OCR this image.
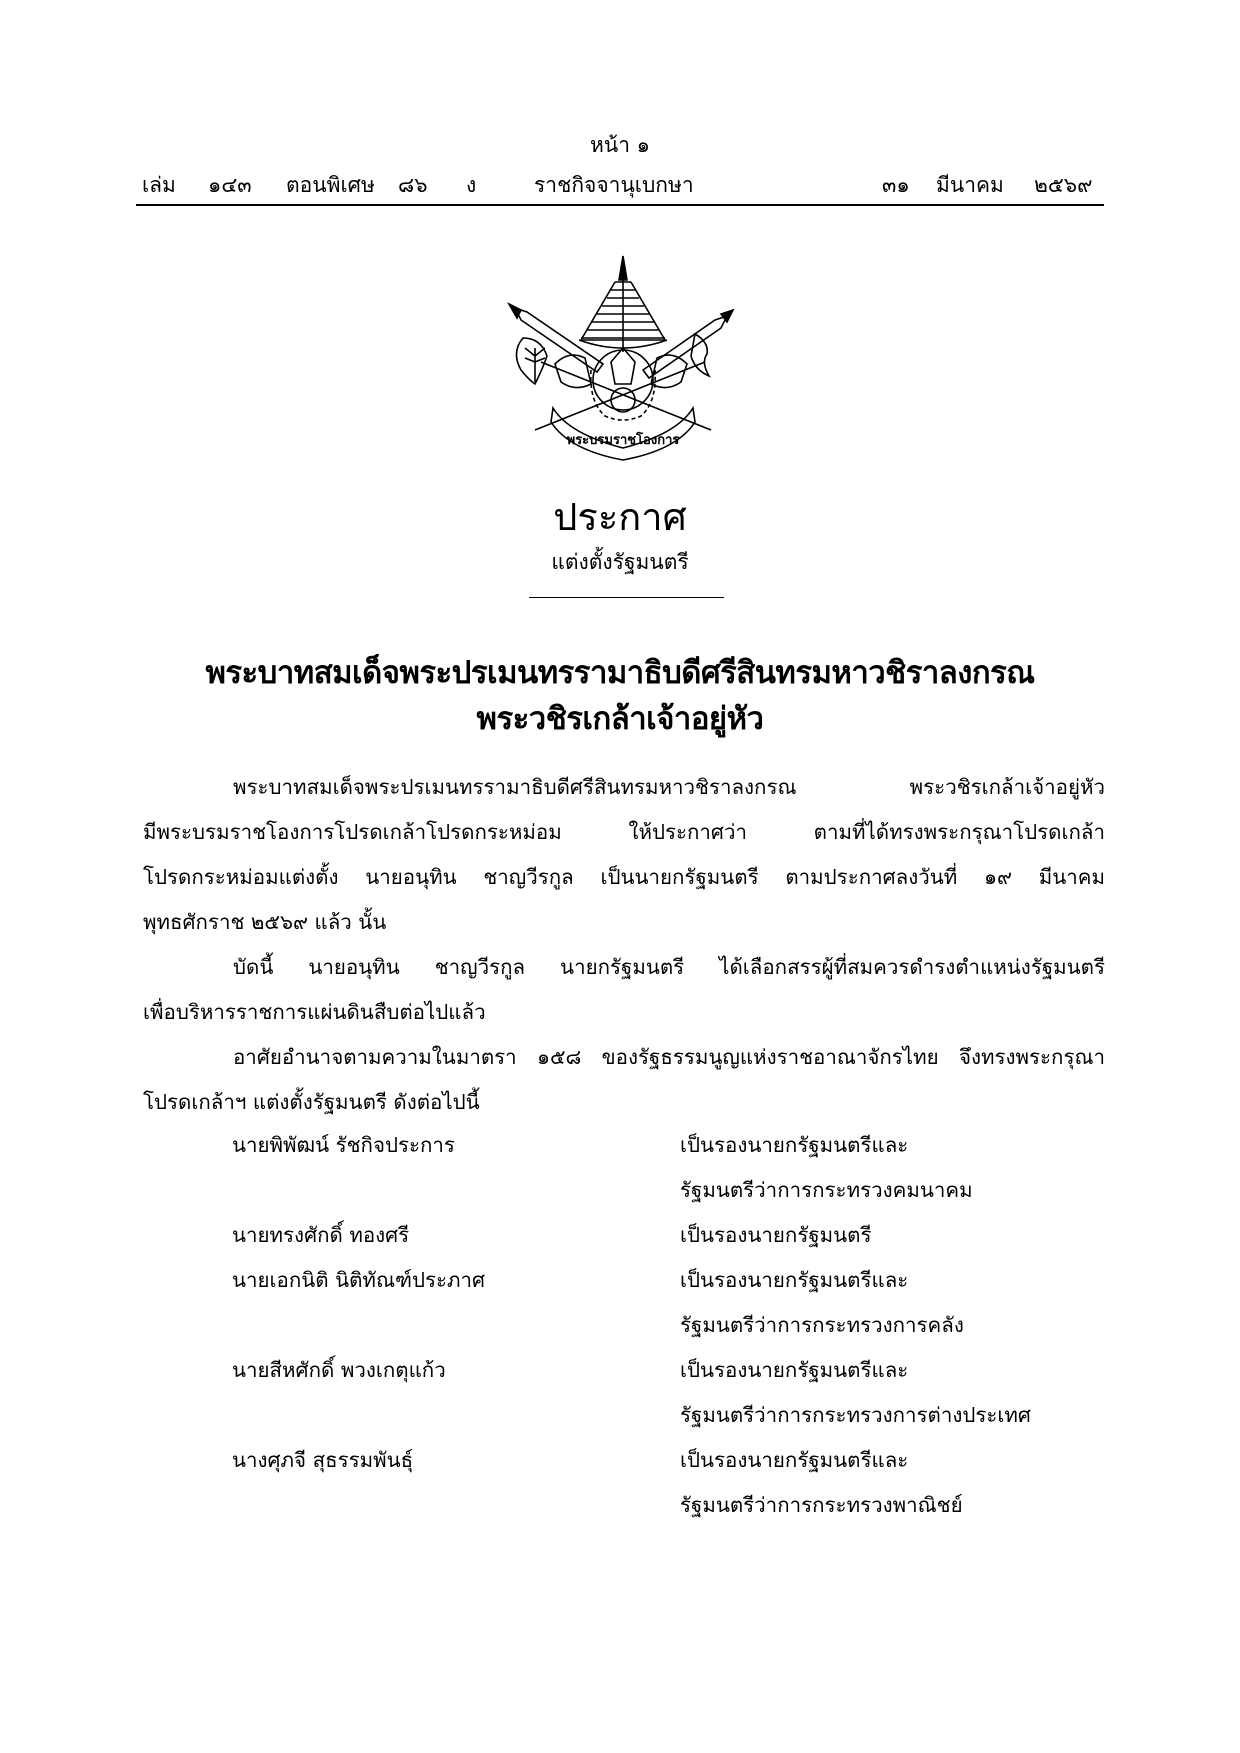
หน้า ๑
เล่ม ๑๔๓ ตอนพิเศษ ๘๖ ง	ราชกิจจานุเบกษา	๓๑ มีนาคม ๒๕๖๙
พระบรมราชโองการ
ประกาศ
แต่งตั้งรัฐมนตรี
พระบาทสมเด็จพระปรเมนทรรามาธิบดีศรีสินทรมหาวชิราลงกรณ
พระวชิรเกล้าเจ้าอยู่หัว
พระบาทสมเด็จพระปรเมนทรรามาธิบดีศรีสินทรมหาวชิราลงกรณ พระวชิรเกล้าเจ้าอยู่หัว
มีพระบรมราชโองการโปรดเกล้าโปรดกระหม่อม ให้ประกาศว่า ตามที่ได้ทรงพระกรุณาโปรดเกล้า
โปรดกระหม่อมแต่งตั้ง นายอนุทิน ชาญวีรกูล เป็นนายกรัฐมนตรี ตามประกาศลงวันที่ ๑๙ มีนาคม
พุทธศักราช ๒๕๖๙ แล้ว นั้น
บัดนี้ นายอนุทิน ชาญวีรกูล นายกรัฐมนตรี ได้เลือกสรรผู้ที่สมควรดำรงตำแหน่งรัฐมนตรี
เพื่อบริหารราชการแผ่นดินสืบต่อไปแล้ว
อาศัยอำนาจตามความในมาตรา ๑๕๘ ของรัฐธรรมนูญแห่งราชอาณาจักรไทย จึงทรงพระกรุณา
โปรดเกล้าฯ แต่งตั้งรัฐมนตรี ดังต่อไปนี้
นายพิพัฒน์ รัชกิจประการ	เป็นรองนายกรัฐมนตรีและ
รัฐมนตรีว่าการกระทรวงคมนาคม
นายทรงศักดิ์ ทองศรี	เป็นรองนายกรัฐมนตรี
นายเอกนิติ นิติทัณฑ์ประภาศ	เป็นรองนายกรัฐมนตรีและ
รัฐมนตรีว่าการกระทรวงการคลัง
นายสีหศักดิ์ พวงเกตุแก้ว	เป็นรองนายกรัฐมนตรีและ
รัฐมนตรีว่าการกระทรวงการต่างประเทศ
นางศุภจี สุธรรมพันธุ์	เป็นรองนายกรัฐมนตรีและ
รัฐมนตรีว่าการกระทรวงพาณิชย์
